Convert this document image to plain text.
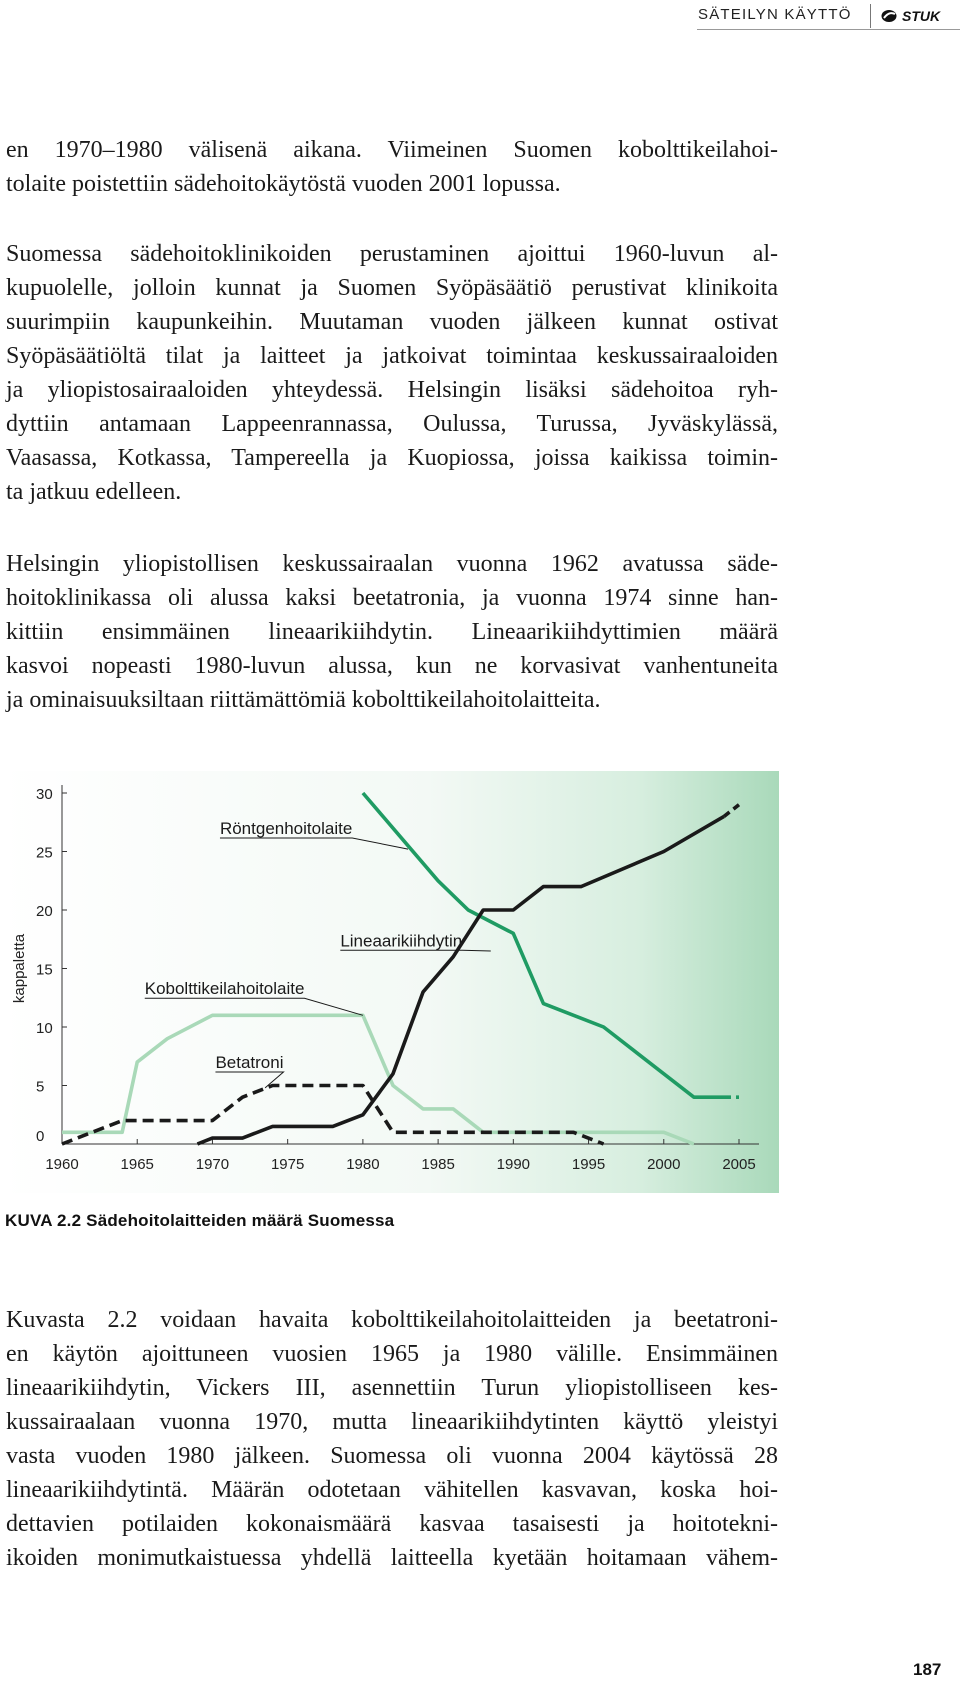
SÄTEILYN KÄYTTÖ	STUK

en 1970–1980 välisenä aikana. Viimeinen Suomen kobolttikeilahoi-
tolaite poistettiin sädehoitokäytöstä vuoden 2001 lopussa.

Suomessa sädehoitoklinikoiden perustaminen ajoittui 1960-luvun al-
kupuolelle, jolloin kunnat ja Suomen Syöpäsäätiö perustivat klinikoita
suurimpiin kaupunkeihin. Muutaman vuoden jälkeen kunnat ostivat
Syöpäsäätiöltä tilat ja laitteet ja jatkoivat toimintaa keskussairaaloiden
ja yliopistosairaaloiden yhteydessä. Helsingin lisäksi sädehoitoa ryh-
dyttiin antamaan Lappeenrannassa, Oulussa, Turussa, Jyväskylässä,
Vaasassa, Kotkassa, Tampereella ja Kuopiossa, joissa kaikissa toimin-
ta jatkuu edelleen.

Helsingin yliopistollisen keskussairaalan vuonna 1962 avatussa säde-
hoitoklinikassa oli alussa kaksi beetatronia, ja vuonna 1974 sinne han-
kittiin ensimmäinen lineaarikiihdytin. Lineaarikiihdyttimien määrä
kasvoi nopeasti 1980-luvun alussa, kun ne korvasivat vanhentuneita
ja ominaisuuksiltaan riittämättömiä kobolttikeilahoitolaitteita.

0
5
10
15
20
25
30
1960	1965	1970	1975	1980	1985	1990	1995	2000	2005
kappaletta
Röntgenhoitolaite
Lineaarikiihdytin
Kobolttikeilahoitolaite
Betatroni
KUVA 2.2 Sädehoitolaitteiden määrä Suomessa

Kuvasta 2.2 voidaan havaita kobolttikeilahoitolaitteiden ja beetatroni-
en käytön ajoittuneen vuosien 1965 ja 1980 välille. Ensimmäinen
lineaarikiihdytin, Vickers III, asennettiin Turun yliopistolliseen kes-
kussairaalaan vuonna 1970, mutta lineaarikiihdytinten käyttö yleistyi
vasta vuoden 1980 jälkeen. Suomessa oli vuonna 2004 käytössä 28
lineaarikiihdytintä. Määrän odotetaan vähitellen kasvavan, koska hoi-
dettavien potilaiden kokonaismäärä kasvaa tasaisesti ja hoitotekni-
ikoiden monimutkaistuessa yhdellä laitteella kyetään hoitamaan vähem-

187
